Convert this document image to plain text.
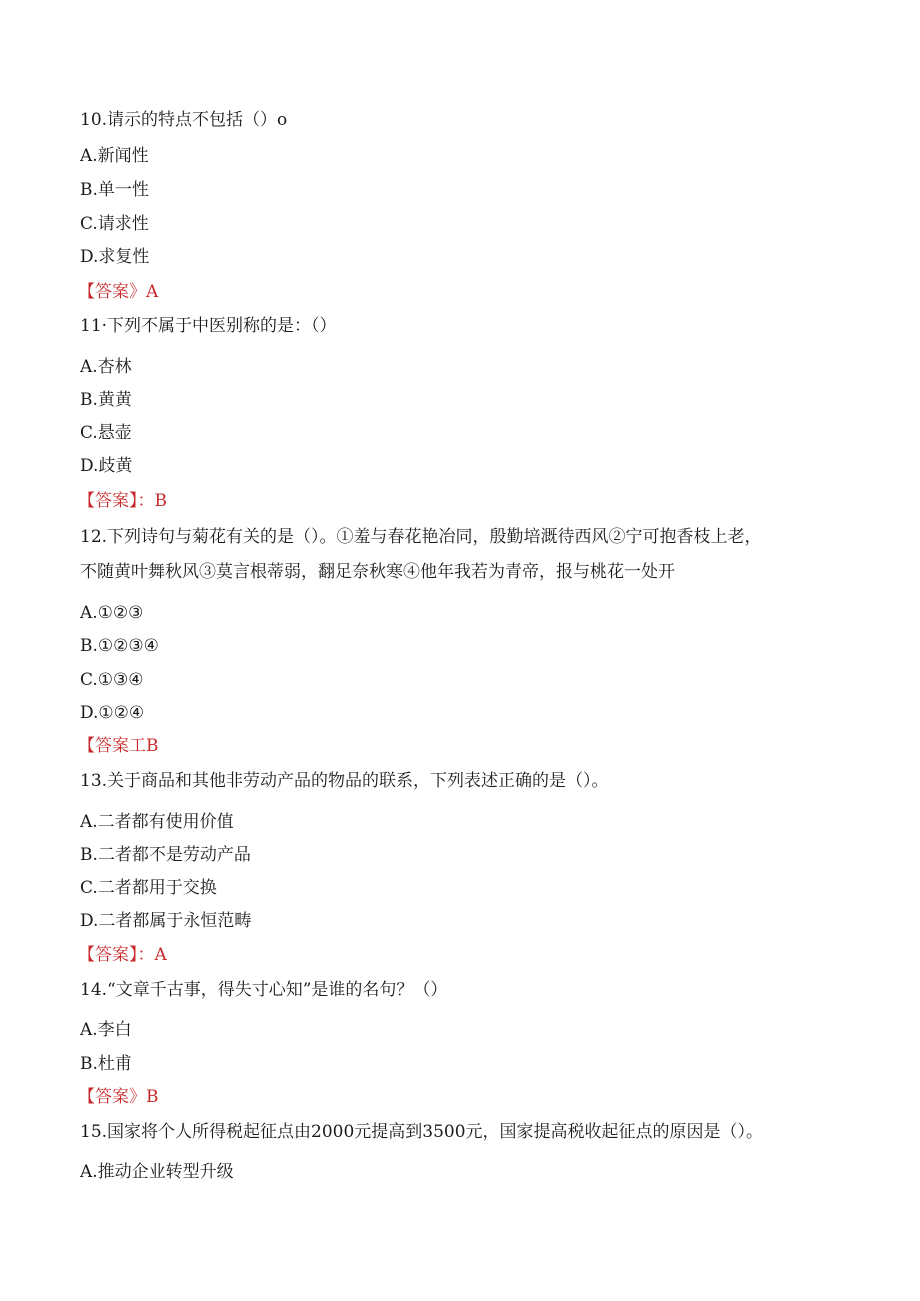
10.请示的特点不包括（）o
A.新闻性
B.单一性
C.请求性
D.求复性
【答案》A
11·下列不属于中医别称的是：（）
A.杏林
B.黄黄
C.悬壶
D.歧黄
【答案】：B
12.下列诗句与菊花有关的是（）。①羞与春花艳冶同，殷勤培溉待西风②宁可抱香枝上老，
不随黄叶舞秋风③莫言根蒂弱，翻足奈秋寒④他年我若为青帝，报与桃花一处开
A.①②③
B.①②③④
C.①③④
D.①②④
【答案工B
13.关于商品和其他非劳动产品的物品的联系，下列表述正确的是（）。
A.二者都有使用价值
B.二者都不是劳动产品
C.二者都用于交换
D.二者都属于永恒范畴
【答案】：A
14.“文章千古事，得失寸心知”是谁的名句？（）
A.李白
B.杜甫
【答案》B
15.国家将个人所得税起征点由2000元提高到3500元，国家提高税收起征点的原因是（）。
A.推动企业转型升级
